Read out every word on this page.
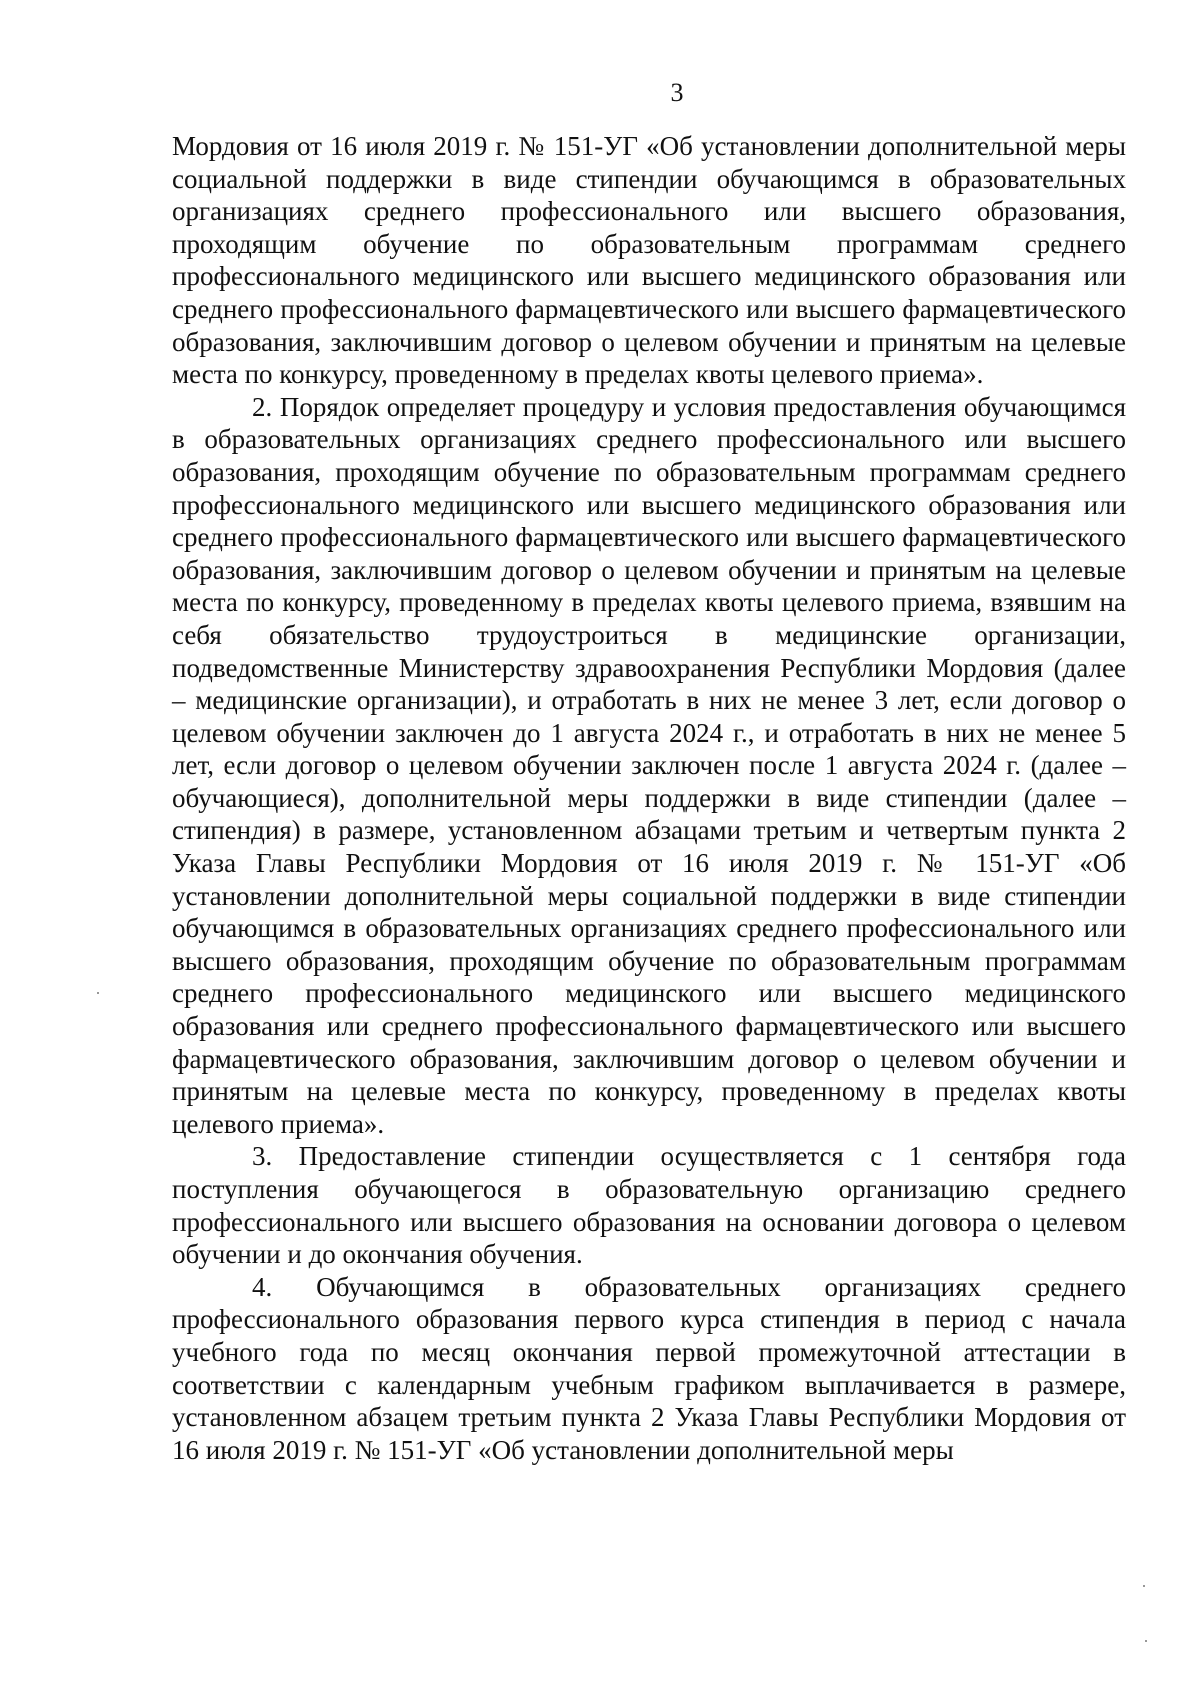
3

Мордовия от 16 июля 2019 г. № 151-УГ «Об установлении дополнительной меры социальной поддержки в виде стипендии обучающимся в образовательных организациях среднего профессионального или высшего образования, проходящим обучение по образовательным программам среднего профессионального медицинского или высшего медицинского образования или среднего профессионального фармацевтического или высшего фармацевтического образования, заключившим договор о целевом обучении и принятым на целевые места по конкурсу, проведенному в пределах квоты целевого приема».

2. Порядок определяет процедуру и условия предоставления обучающимся в образовательных организациях среднего профессионального или высшего образования, проходящим обучение по образовательным программам среднего профессионального медицинского или высшего медицинского образования или среднего профессионального фармацевтического или высшего фармацевтического образования, заключившим договор о целевом обучении и принятым на целевые места по конкурсу, проведенному в пределах квоты целевого приема, взявшим на себя обязательство трудоустроиться в медицинские организации, подведомственные Министерству здравоохранения Республики Мордовия (далее – медицинские организации), и отработать в них не менее 3 лет, если договор о целевом обучении заключен до 1 августа 2024 г., и отработать в них не менее 5 лет, если договор о целевом обучении заключен после 1 августа 2024 г. (далее – обучающиеся), дополнительной меры поддержки в виде стипендии (далее – стипендия) в размере, установленном абзацами третьим и четвертым пункта 2 Указа Главы Республики Мордовия от 16 июля 2019 г. № 151-УГ «Об установлении дополнительной меры социальной поддержки в виде стипендии обучающимся в образовательных организациях среднего профессионального или высшего образования, проходящим обучение по образовательным программам среднего профессионального медицинского или высшего медицинского образования или среднего профессионального фармацевтического или высшего фармацевтического образования, заключившим договор о целевом обучении и принятым на целевые места по конкурсу, проведенному в пределах квоты целевого приема».

3. Предоставление стипендии осуществляется с 1 сентября года поступления обучающегося в образовательную организацию среднего профессионального или высшего образования на основании договора о целевом обучении и до окончания обучения.

4. Обучающимся в образовательных организациях среднего профессионального образования первого курса стипендия в период с начала учебного года по месяц окончания первой промежуточной аттестации в соответствии с календарным учебным графиком выплачивается в размере, установленном абзацем третьим пункта 2 Указа Главы Республики Мордовия от 16 июля 2019 г. № 151-УГ «Об установлении дополнительной меры
